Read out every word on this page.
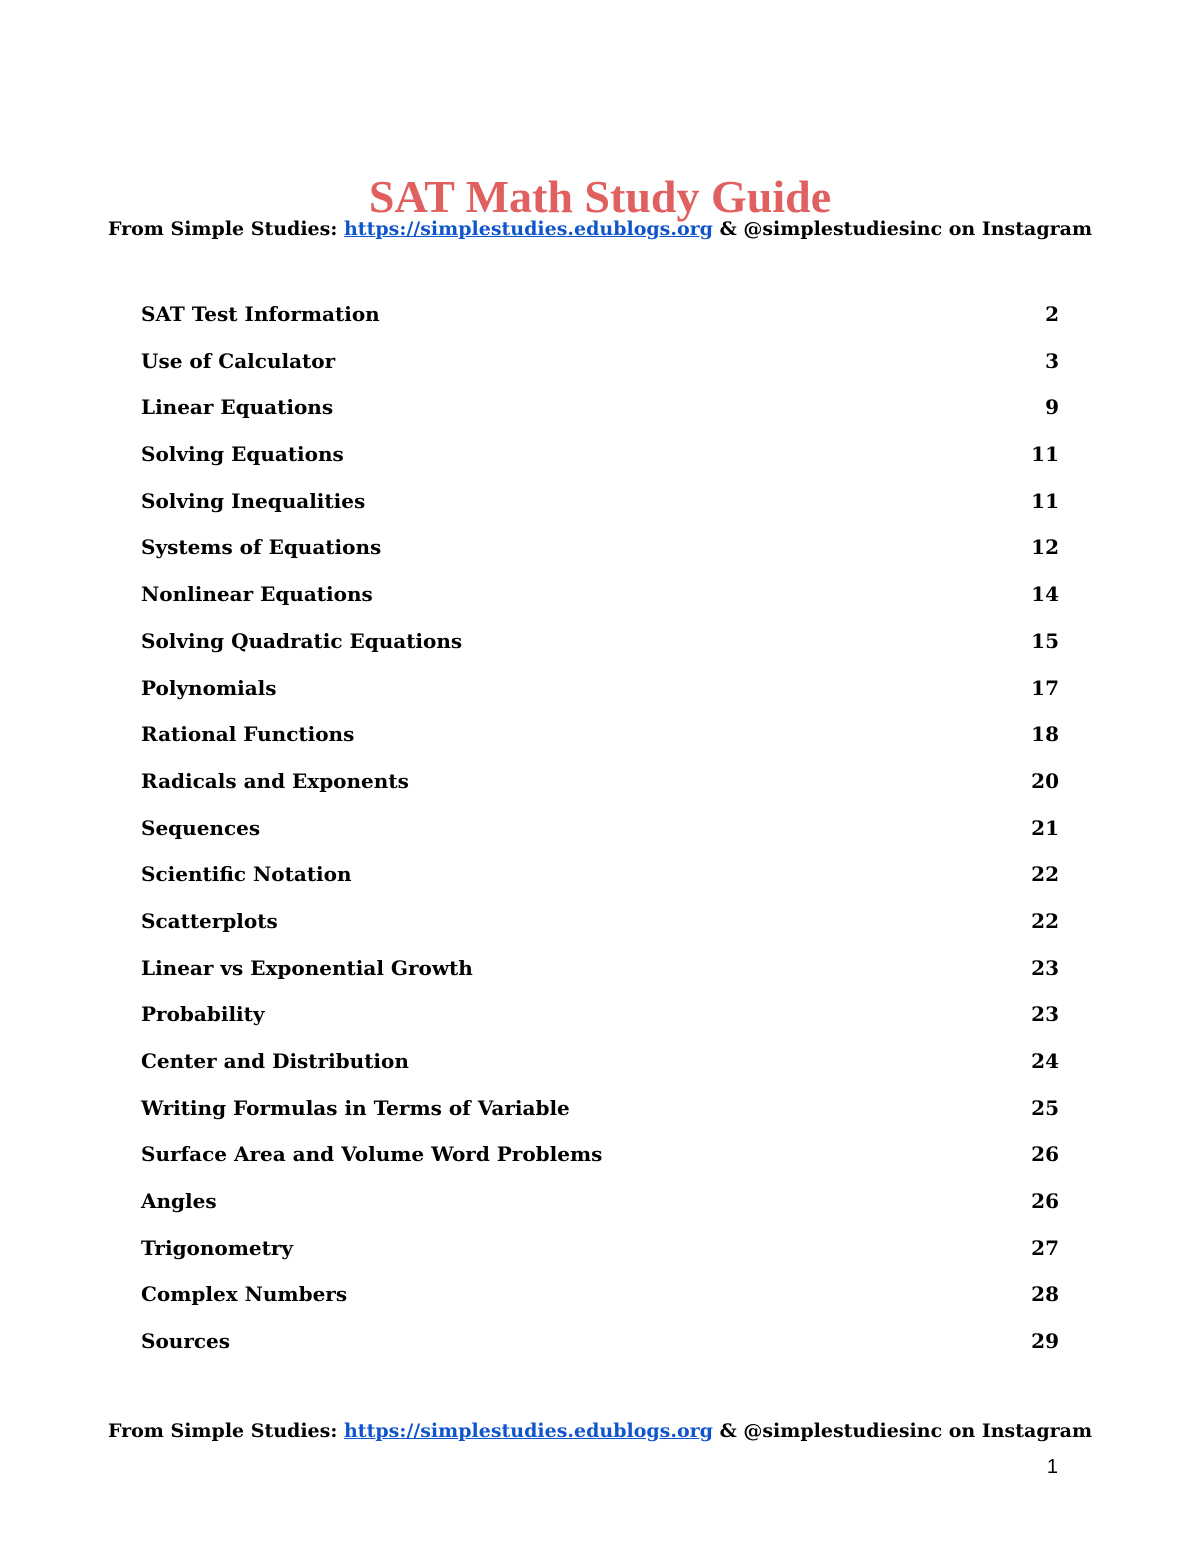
SAT Math Study Guide
From Simple Studies: https://simplestudies.edublogs.org & @simplestudiesinc on Instagram
SAT Test Information	2
Use of Calculator	3
Linear Equations	9
Solving Equations	11
Solving Inequalities	11
Systems of Equations	12
Nonlinear Equations	14
Solving Quadratic Equations	15
Polynomials	17
Rational Functions	18
Radicals and Exponents	20
Sequences	21
Scientific Notation	22
Scatterplots	22
Linear vs Exponential Growth	23
Probability	23
Center and Distribution	24
Writing Formulas in Terms of Variable	25
Surface Area and Volume Word Problems	26
Angles	26
Trigonometry	27
Complex Numbers	28
Sources	29
From Simple Studies: https://simplestudies.edublogs.org & @simplestudiesinc on Instagram
1
